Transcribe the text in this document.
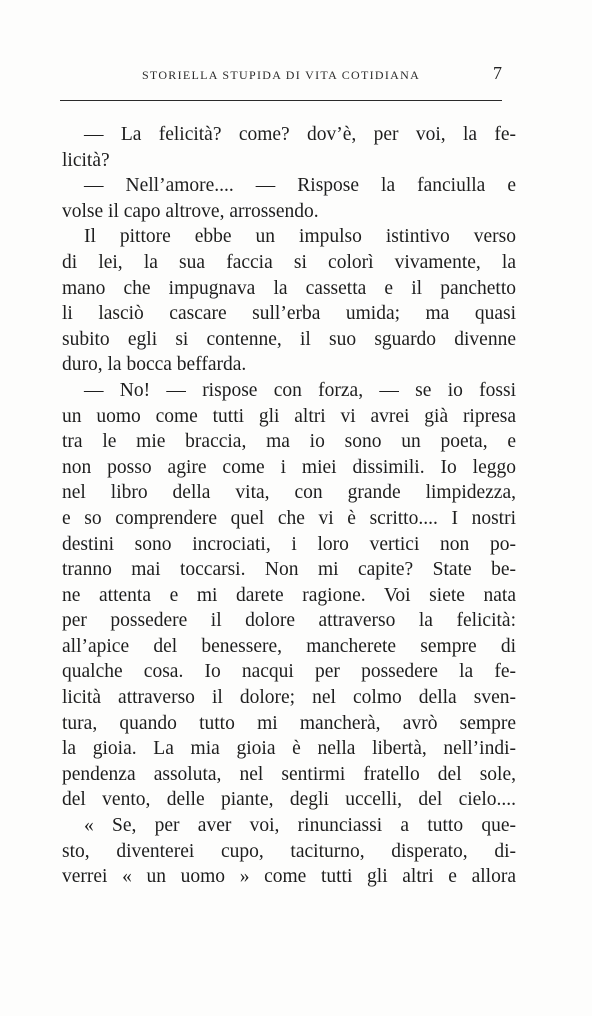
STORIELLA STUPIDA DI VITA COTIDIANA	7
— La felicità? come? dov’è, per voi, la fe-
licità?
— Nell’amore.... — Rispose la fanciulla e
volse il capo altrove, arrossendo.
Il pittore ebbe un impulso istintivo verso
di lei, la sua faccia si colorì vivamente, la
mano che impugnava la cassetta e il panchetto
li lasciò cascare sull’erba umida; ma quasi
subito egli si contenne, il suo sguardo divenne
duro, la bocca beffarda.
— No! — rispose con forza, — se io fossi
un uomo come tutti gli altri vi avrei già ripresa
tra le mie braccia, ma io sono un poeta, e
non posso agire come i miei dissimili. Io leggo
nel libro della vita, con grande limpidezza,
e so comprendere quel che vi è scritto.... I nostri
destini sono incrociati, i loro vertici non po-
tranno mai toccarsi. Non mi capite? State be-
ne attenta e mi darete ragione. Voi siete nata
per possedere il dolore attraverso la felicità:
all’apice del benessere, mancherete sempre di
qualche cosa. Io nacqui per possedere la fe-
licità attraverso il dolore; nel colmo della sven-
tura, quando tutto mi mancherà, avrò sempre
la gioia. La mia gioia è nella libertà, nell’indi-
pendenza assoluta, nel sentirmi fratello del sole,
del vento, delle piante, degli uccelli, del cielo....
« Se, per aver voi, rinunciassi a tutto que-
sto, diventerei cupo, taciturno, disperato, di-
verrei « un uomo » come tutti gli altri e allora
